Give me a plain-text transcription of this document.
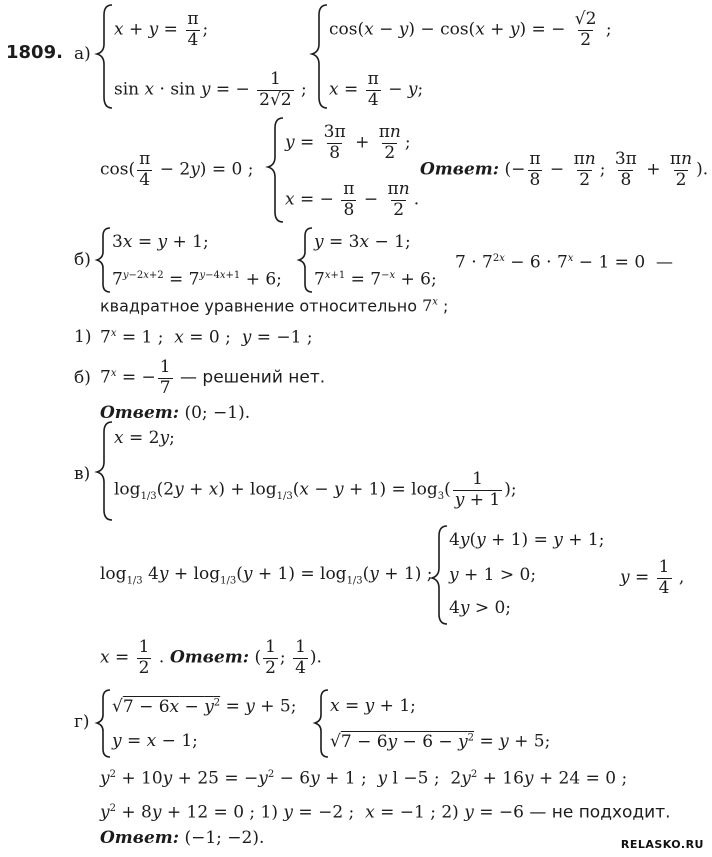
1809. а)
$x + y = \frac{\pi}{4}$ ;
sin x · sin y = − $\frac{1}{2√2}$ ;
cos(x − y) − cos(x + y) = − $\frac{√2}{2}$ ;
$x = \frac{\pi}{4} - y$;
$\cos( \frac{\pi}{4} - 2y) = 0$ ;
$y = \frac{3\pi}{8} + \frac{\pi n}{2}$ ;
x = − $\frac{\pi}{8} - \frac{\pi n}{2}$ .
Ответ: (− $\frac{\pi}{8} - \frac{\pi n}{2}$ ; $\frac{3\pi}{8} + \frac{\pi n}{2}$ ).
б)
3x = y + 1;
$7^{y-2x+2} = 7^{y-4x+1} + 6$;
y = 3x − 1;
$7^{x+1} = 7^{-x} + 6$;
$7 \cdot 7^{2x} - 6 \cdot 7^x - 1 = 0$  —
квадратное уравнение относительно 7$^x$ ;
1) $7^x = 1$ ;  x = 0 ;  y = −1 ;
б) $7^x$ = − $\frac{1}{7}$ — решений нет.
Ответ: (0; −1).
в)
x = 2y;
$\log_{1/3}(2y + x) + \log_{1/3}(x - y + 1) = \log_3( \frac{1}{y + 1}$ );
$\log_{1/3} 4y + \log_{1/3}(y + 1) = \log_{1/3}(y + 1)$ ;
4y(y + 1) = y + 1;
y + 1 > 0;
4y > 0;
$y = \frac{1}{4}$ ,
$x = \frac{1}{2}$ . Ответ: ( $\frac{1}{2}$ ; $\frac{1}{4}$ ).
г)
$√7 - 6x - y^2 = y + 5$;
y = x − 1;
x = y + 1;
$√7 - 6y - 6 - y^2 = y + 5$;
$y^2 + 10y + 25 = -y^2 - 6y + 1$ ;  y l −5 ;  $2y^2 + 16y + 24 = 0$ ;
$y^2 + 8y + 12 = 0$ ; 1) y = −2 ;  x = −1 ; 2) y = −6 — не подходит.
Ответ: (−1; −2).	RELASKO.RU
